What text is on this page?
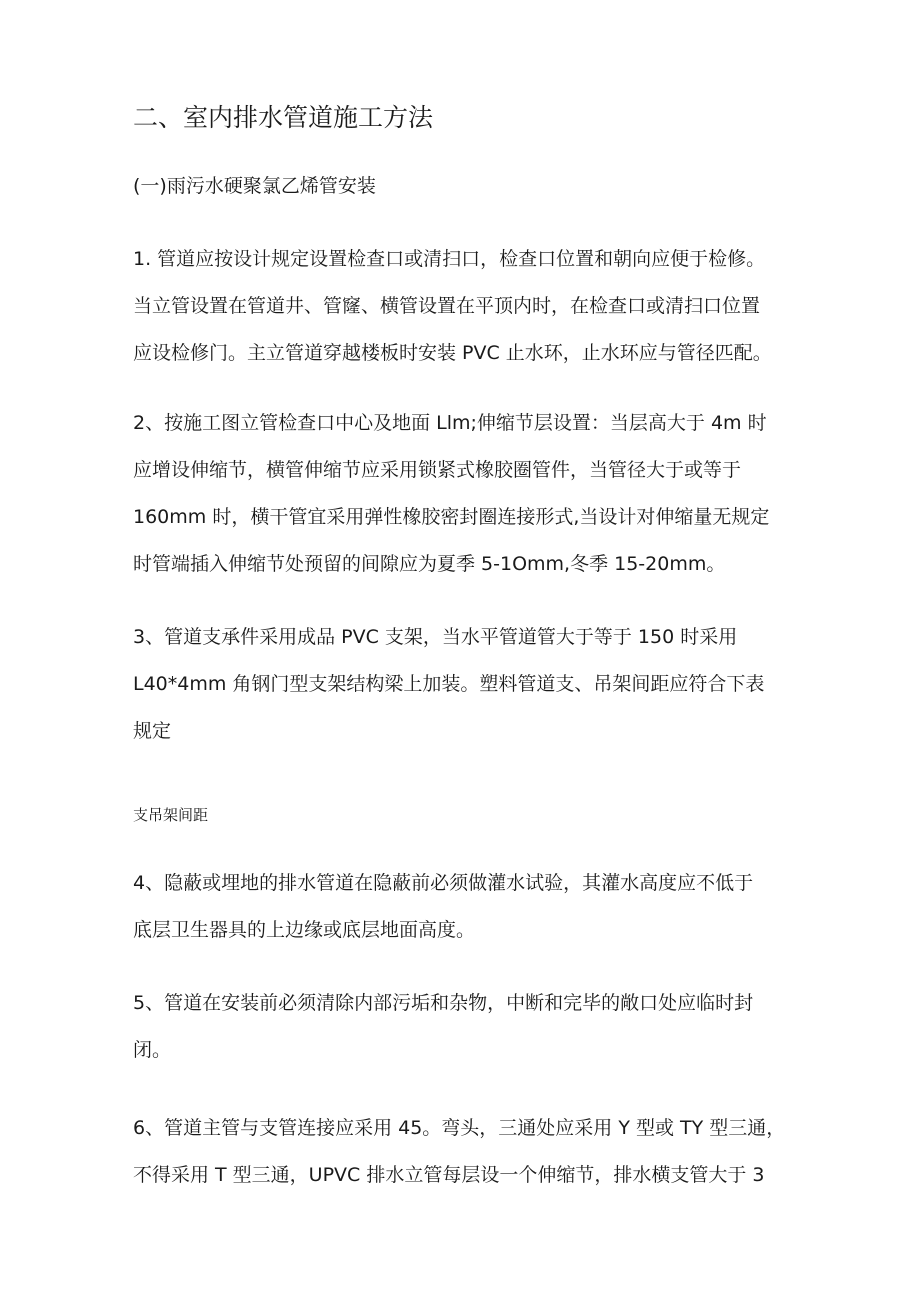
二、室内排水管道施工方法
(一)雨污水硬聚氯乙烯管安装
1. 管道应按设计规定设置检查口或清扫口，检查口位置和朝向应便于检修。
当立管设置在管道井、管窿、横管设置在平顶内时，在检查口或清扫口位置
应设检修门。主立管道穿越楼板时安装 PVC 止水环，止水环应与管径匹配。
2、按施工图立管检查口中心及地面 Llm;伸缩节层设置：当层高大于 4m 时
应增设伸缩节，横管伸缩节应采用锁紧式橡胶圈管件，当管径大于或等于
160mm 时，横干管宜采用弹性橡胶密封圈连接形式,当设计对伸缩量无规定
时管端插入伸缩节处预留的间隙应为夏季 5-1Omm,冬季 15-20mm。
3、管道支承件采用成品 PVC 支架，当水平管道管大于等于 150 时采用
L40*4mm 角钢门型支架结构梁上加装。塑料管道支、吊架间距应符合下表
规定
支吊架间距
4、隐蔽或埋地的排水管道在隐蔽前必须做灌水试验，其灌水高度应不低于
底层卫生器具的上边缘或底层地面高度。
5、管道在安装前必须清除内部污垢和杂物，中断和完毕的敞口处应临时封
闭。
6、管道主管与支管连接应采用 45。弯头，三通处应采用 Y 型或 TY 型三通，
不得采用 T 型三通，UPVC 排水立管每层设一个伸缩节，排水横支管大于 3
